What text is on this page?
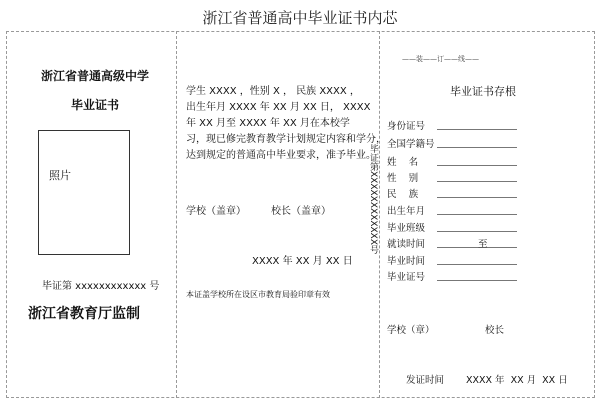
浙江省普通高中毕业证书内芯
浙江省普通高级中学
毕业证书
照片
毕证第 xxxxxxxxxxxx 号
浙江省教育厅监制
学生 XXXX ，性别 X ， 民族 XXXX ，
出生年月 XXXX 年 XX 月 XX 日， XXXX
年 XX 月至 XXXX 年 XX 月在本校学
习，现已修完教育教学计划规定内容和学分，
达到规定的普通高中毕业要求，准予毕业。
学校（盖章）	校长（盖章）
XXXX 年 XX 月 XX 日
本证盖学校所在设区市教育局验印章有效
毕证第XXXXXXXXXXXX号
——装——订——线——
毕业证书存根
身份证号
全国学籍号
姓    名
性    别
民    族
出生年月
毕业班级
就读时间	至
毕业时间
毕业证号
学校（章）	校长
发证时间 XXXX 年  XX 月  XX 日
